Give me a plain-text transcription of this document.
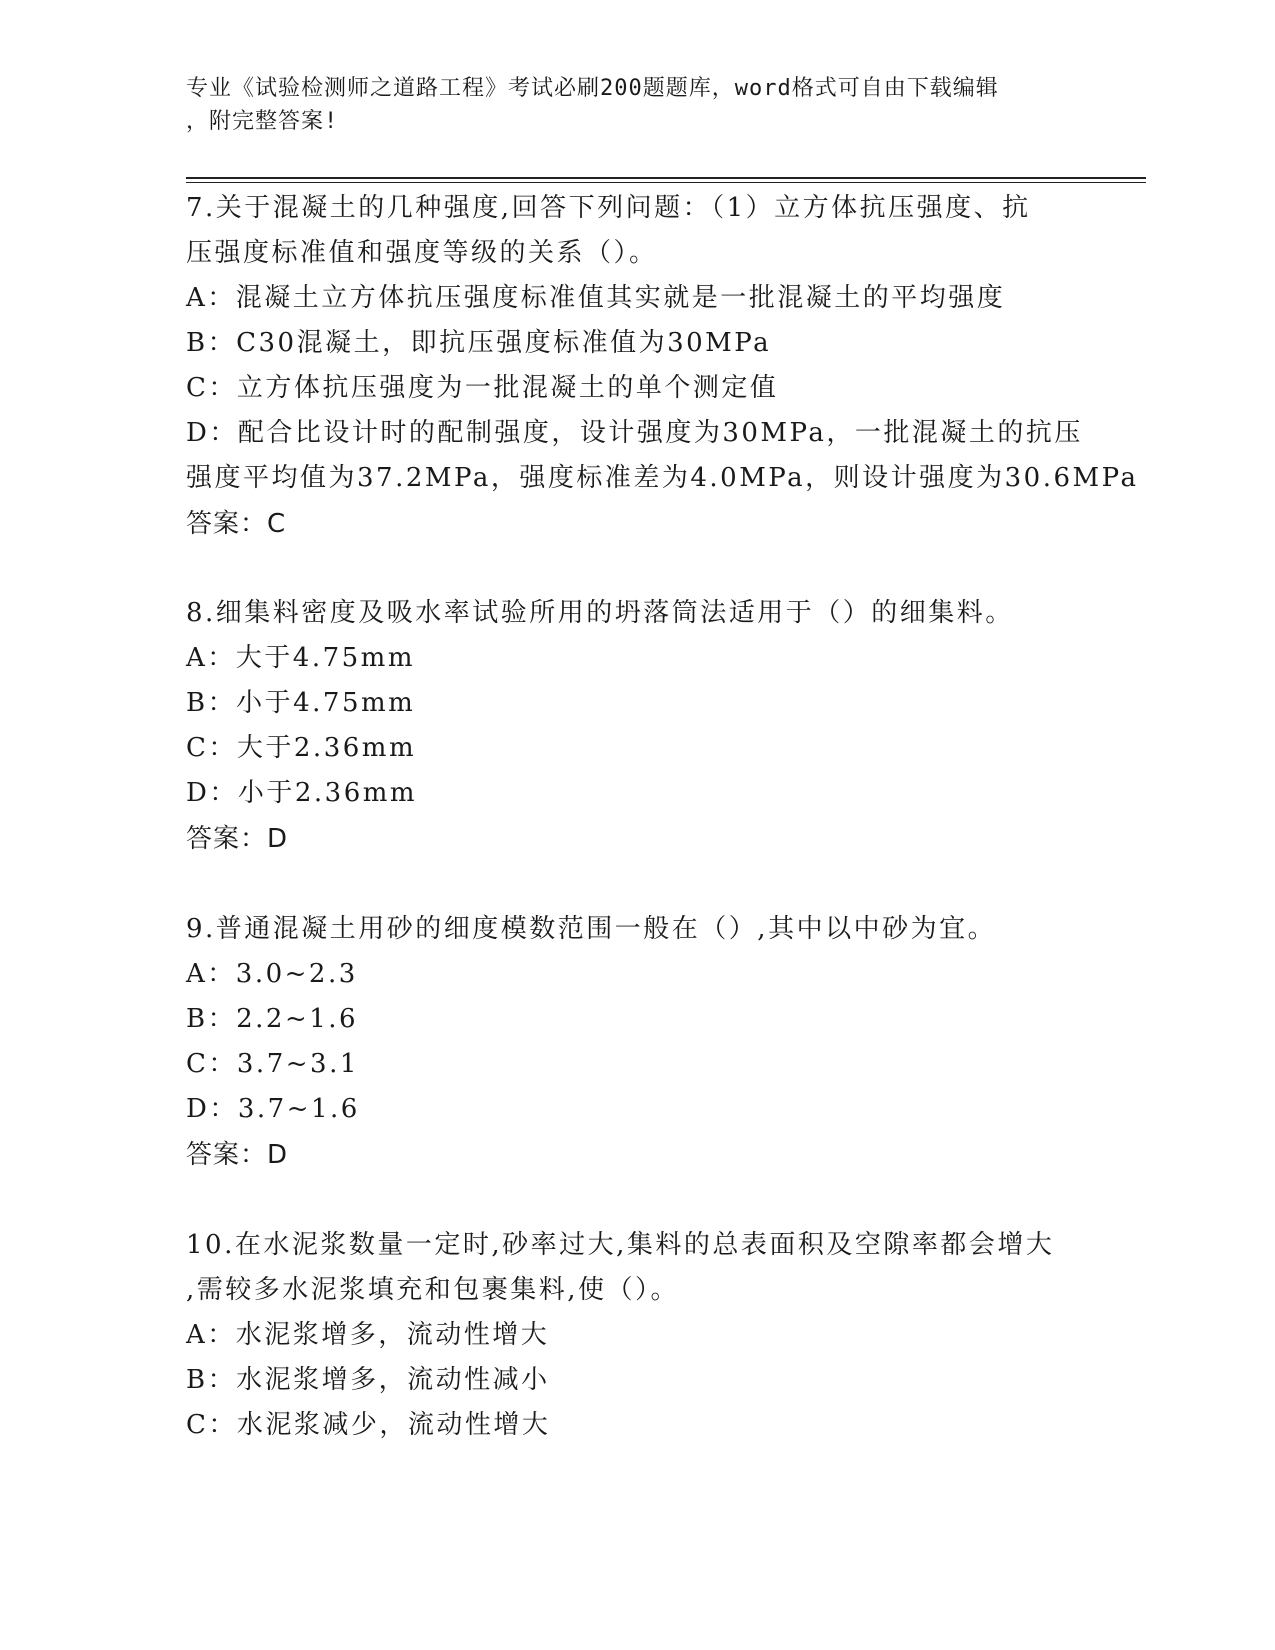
专业《试验检测师之道路工程》考试必刷200题题库，word格式可自由下载编辑
，附完整答案!
7.关于混凝土的几种强度,回答下列问题：（1）立方体抗压强度、抗
压强度标准值和强度等级的关系（）。
A：混凝土立方体抗压强度标准值其实就是一批混凝土的平均强度
B：C30混凝土，即抗压强度标准值为30MPa
C：立方体抗压强度为一批混凝土的单个测定值
D：配合比设计时的配制强度，设计强度为30MPa，一批混凝土的抗压
强度平均值为37.2MPa，强度标准差为4.0MPa，则设计强度为30.6MPa
答案：C
8.细集料密度及吸水率试验所用的坍落筒法适用于（）的细集料。
A：大于4.75mm
B：小于4.75mm
C：大于2.36mm
D：小于2.36mm
答案：D
9.普通混凝土用砂的细度模数范围一般在（）,其中以中砂为宜。
A：3.0~2.3
B：2.2~1.6
C：3.7~3.1
D：3.7~1.6
答案：D
10.在水泥浆数量一定时,砂率过大,集料的总表面积及空隙率都会增大
,需较多水泥浆填充和包裹集料,使（）。
A：水泥浆增多，流动性增大
B：水泥浆增多，流动性减小
C：水泥浆减少，流动性增大
